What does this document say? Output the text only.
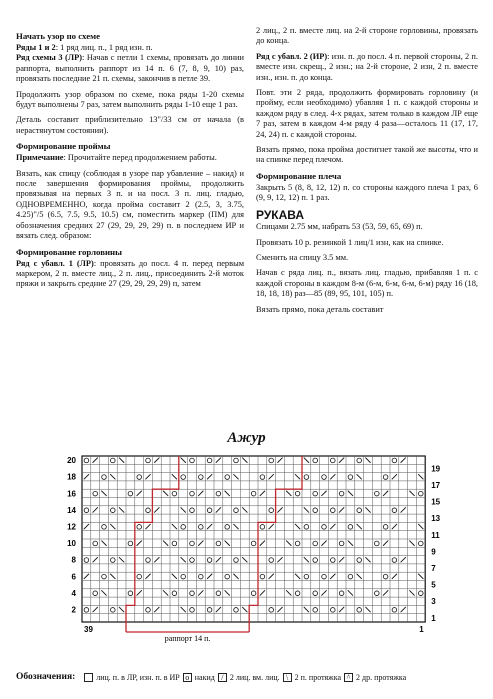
Начать узор по схеме

Ряды 1 и 2: 1 ряд лиц. п., 1 ряд изн. п.

Ряд схемы 3 (ЛР): Начав с петли 1 схемы, провязать до линии раппорта, выполнить раппорт из 14 п. 6 (7, 8, 9, 10) раз, провязать последние 21 п. схемы, закончив в петле 39.

Продолжить узор образом по схеме, пока ряды 1-20 схемы будут выполнены 7 раз, затем выполнить ряды 1-10 еще 1 раз.

Деталь составит приблизительно 13"/33 см от начала (в нерастянутом состоянии).

Формирование проймы

Примечание: Прочитайте перед продолжением работы.

Вязать, как спицу (соблюдая в узоре пар убавление – накид) и после завершения формирования проймы, продолжить провязывая на первых 3 п. и на посл. 3 п. лиц. гладью, ОДНОВРЕМЕННО, когда пройма составит 2 (2.5, 3, 3.75, 4.25)"/5 (6.5, 7.5, 9.5, 10.5) см, поместить маркер (ПМ) для обозначения средних 27 (29, 29, 29, 29) п. в последнем ИР и вязать след. образом:

Формирование горловины

Ряд с убавл. 1 (ЛР): провязать до посл. 4 п. перед первым маркером, 2 п. вместе лиц., 2 п. лиц., присоединить 2-й моток пряжи и закрыть средние 27 (29, 29, 29, 29) п, затем

2 лиц., 2 п. вместе лиц. на 2-й стороне горловины, провязать до конца.

Ряд с убавл. 2 (ИР): изн. п. до посл. 4 п. первой стороны, 2 п. вместе изн. скрещ., 2 изн.; на 2-й стороне, 2 изн, 2 п. вместе изн., изн. п. до конца.

Повт. эти 2 ряда, продолжить формировать горловину (и пройму, если необходимо) убавляя 1 п. с каждой стороны и каждом ряду в след. 4-х рядах, затем только в каждом ЛР еще 7 раз, затем в каждом 4-м ряду 4 раза—осталось 11 (17, 17, 24, 24) п. с каждой стороны.

Вязать прямо, пока пройма достигнет такой же высоты, что и на спинке перед плечом.

Формирование плеча

Закрыть 5 (8, 8, 12, 12) п. со стороны каждого плеча 1 раз, 6 (9, 9, 12, 12) п. 1 раз.

РУКАВА

Спицами 2.75 мм, набрать 53 (53, 59, 65, 69) п.

Провязать 10 р. резинкой 1 лиц/1 изн, как на спинке.

Сменить на спицу 3.5 мм.

Начав с ряда лиц. п., вязать лиц. гладью, прибавляя 1 п. с каждой стороны в каждом 8-м (6-м, 6-м, 6-м, 6-м) ряду 16 (18, 18, 18, 18) раз—85 (89, 95, 101, 105) п.

Вязать прямо, пока деталь составит

Ажур
20
18
16
14
12
10
8
6
4
2
19
17
15
13
11
9
7
5
3
1
39	1
раппорт 14 п.
Обозначения:	лиц. п. в ЛР, изн. п. в ИР o накид / 2 лиц. вм. лиц. \ 2 п. протяжка ^ 2 др. протяжка
